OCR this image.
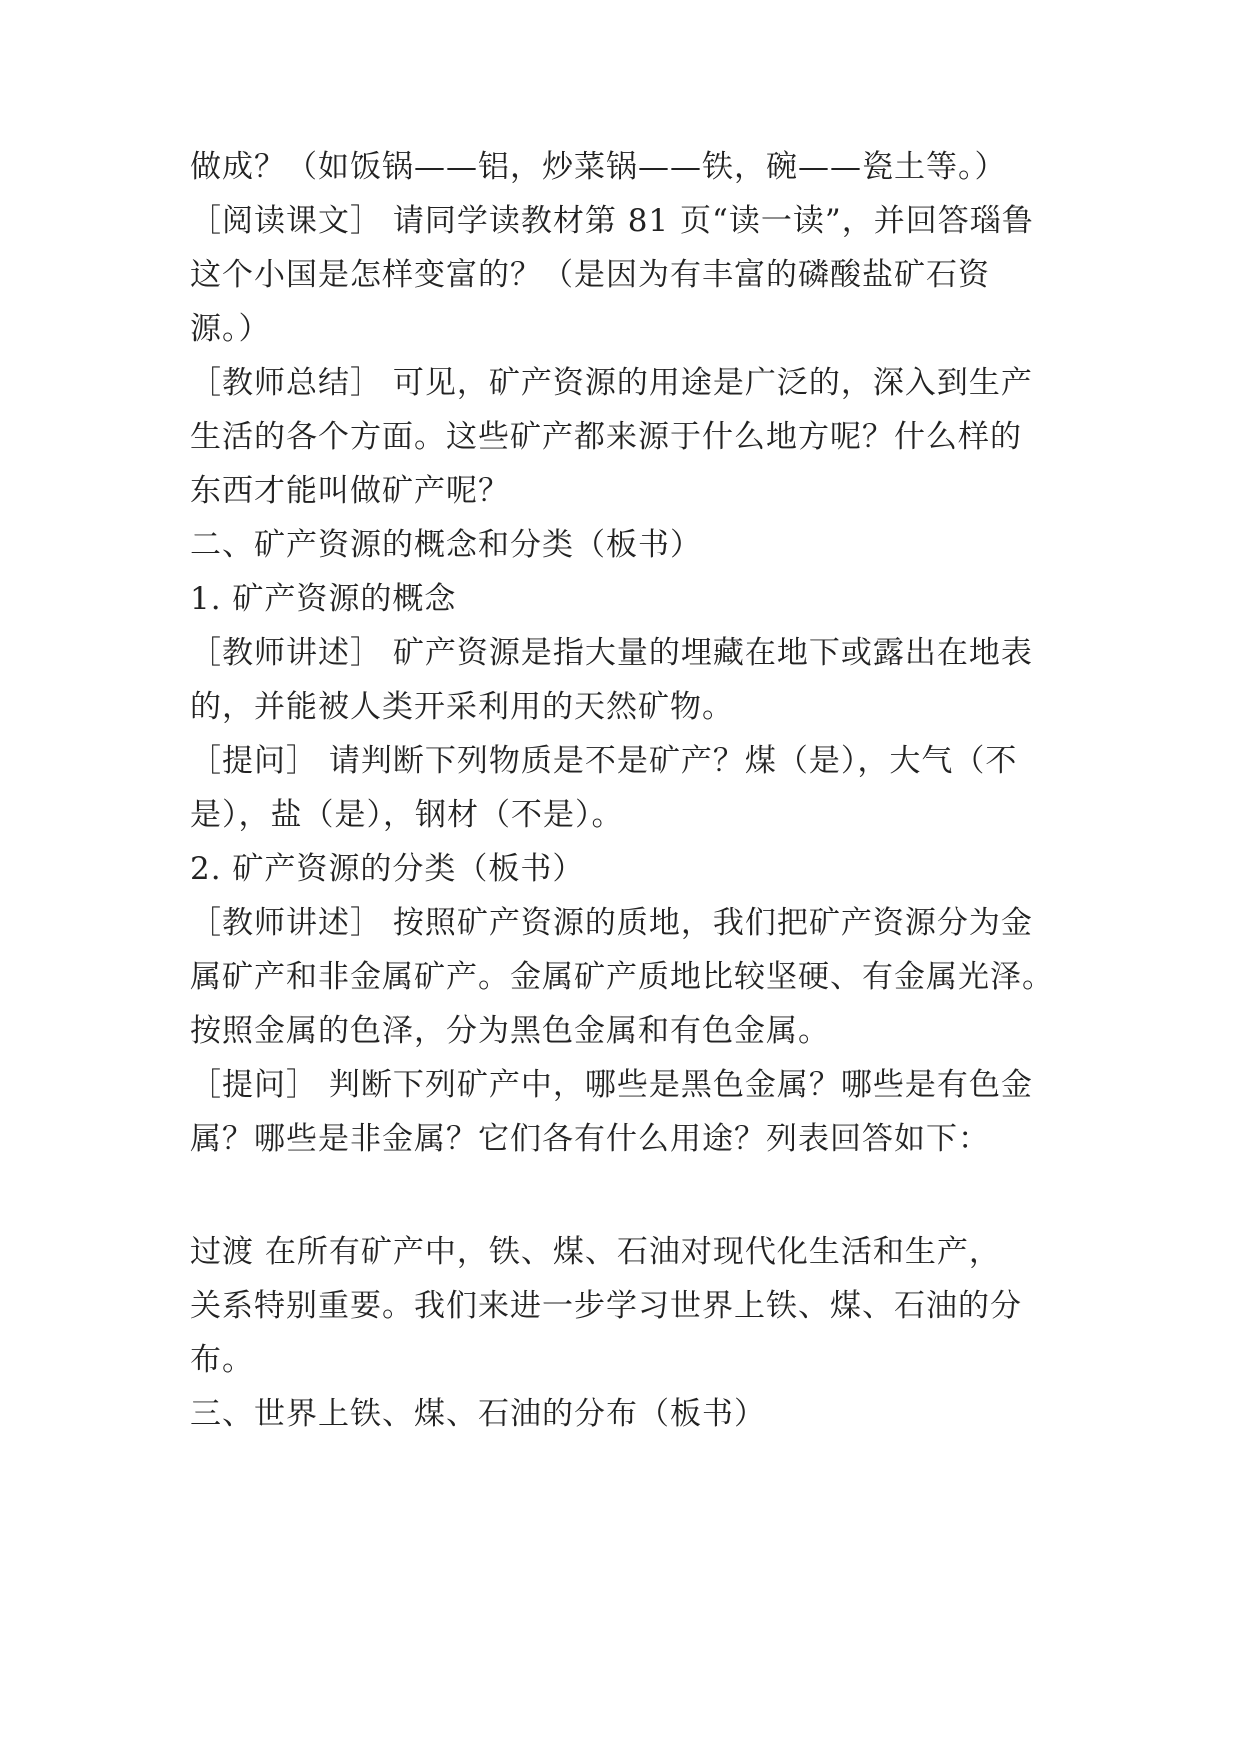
做成？（如饭锅——铝，炒菜锅——铁，碗——瓷土等。）
［阅读课文］ 请同学读教材第 81 页“读一读”，并回答瑙鲁
这个小国是怎样变富的？（是因为有丰富的磷酸盐矿石资
源。）
［教师总结］ 可见，矿产资源的用途是广泛的，深入到生产
生活的各个方面。这些矿产都来源于什么地方呢？什么样的
东西才能叫做矿产呢？
二、矿产资源的概念和分类（板书）
1. 矿产资源的概念
［教师讲述］ 矿产资源是指大量的埋藏在地下或露出在地表
的，并能被人类开采利用的天然矿物。
［提问］ 请判断下列物质是不是矿产？煤（是），大气（不
是），盐（是），钢材（不是）。
2. 矿产资源的分类（板书）
［教师讲述］ 按照矿产资源的质地，我们把矿产资源分为金
属矿产和非金属矿产。金属矿产质地比较坚硬、有金属光泽。
按照金属的色泽，分为黑色金属和有色金属。
［提问］ 判断下列矿产中，哪些是黑色金属？哪些是有色金
属？哪些是非金属？它们各有什么用途？列表回答如下：
过渡 在所有矿产中，铁、煤、石油对现代化生活和生产，
关系特别重要。我们来进一步学习世界上铁、煤、石油的分
布。
三、世界上铁、煤、石油的分布（板书）
